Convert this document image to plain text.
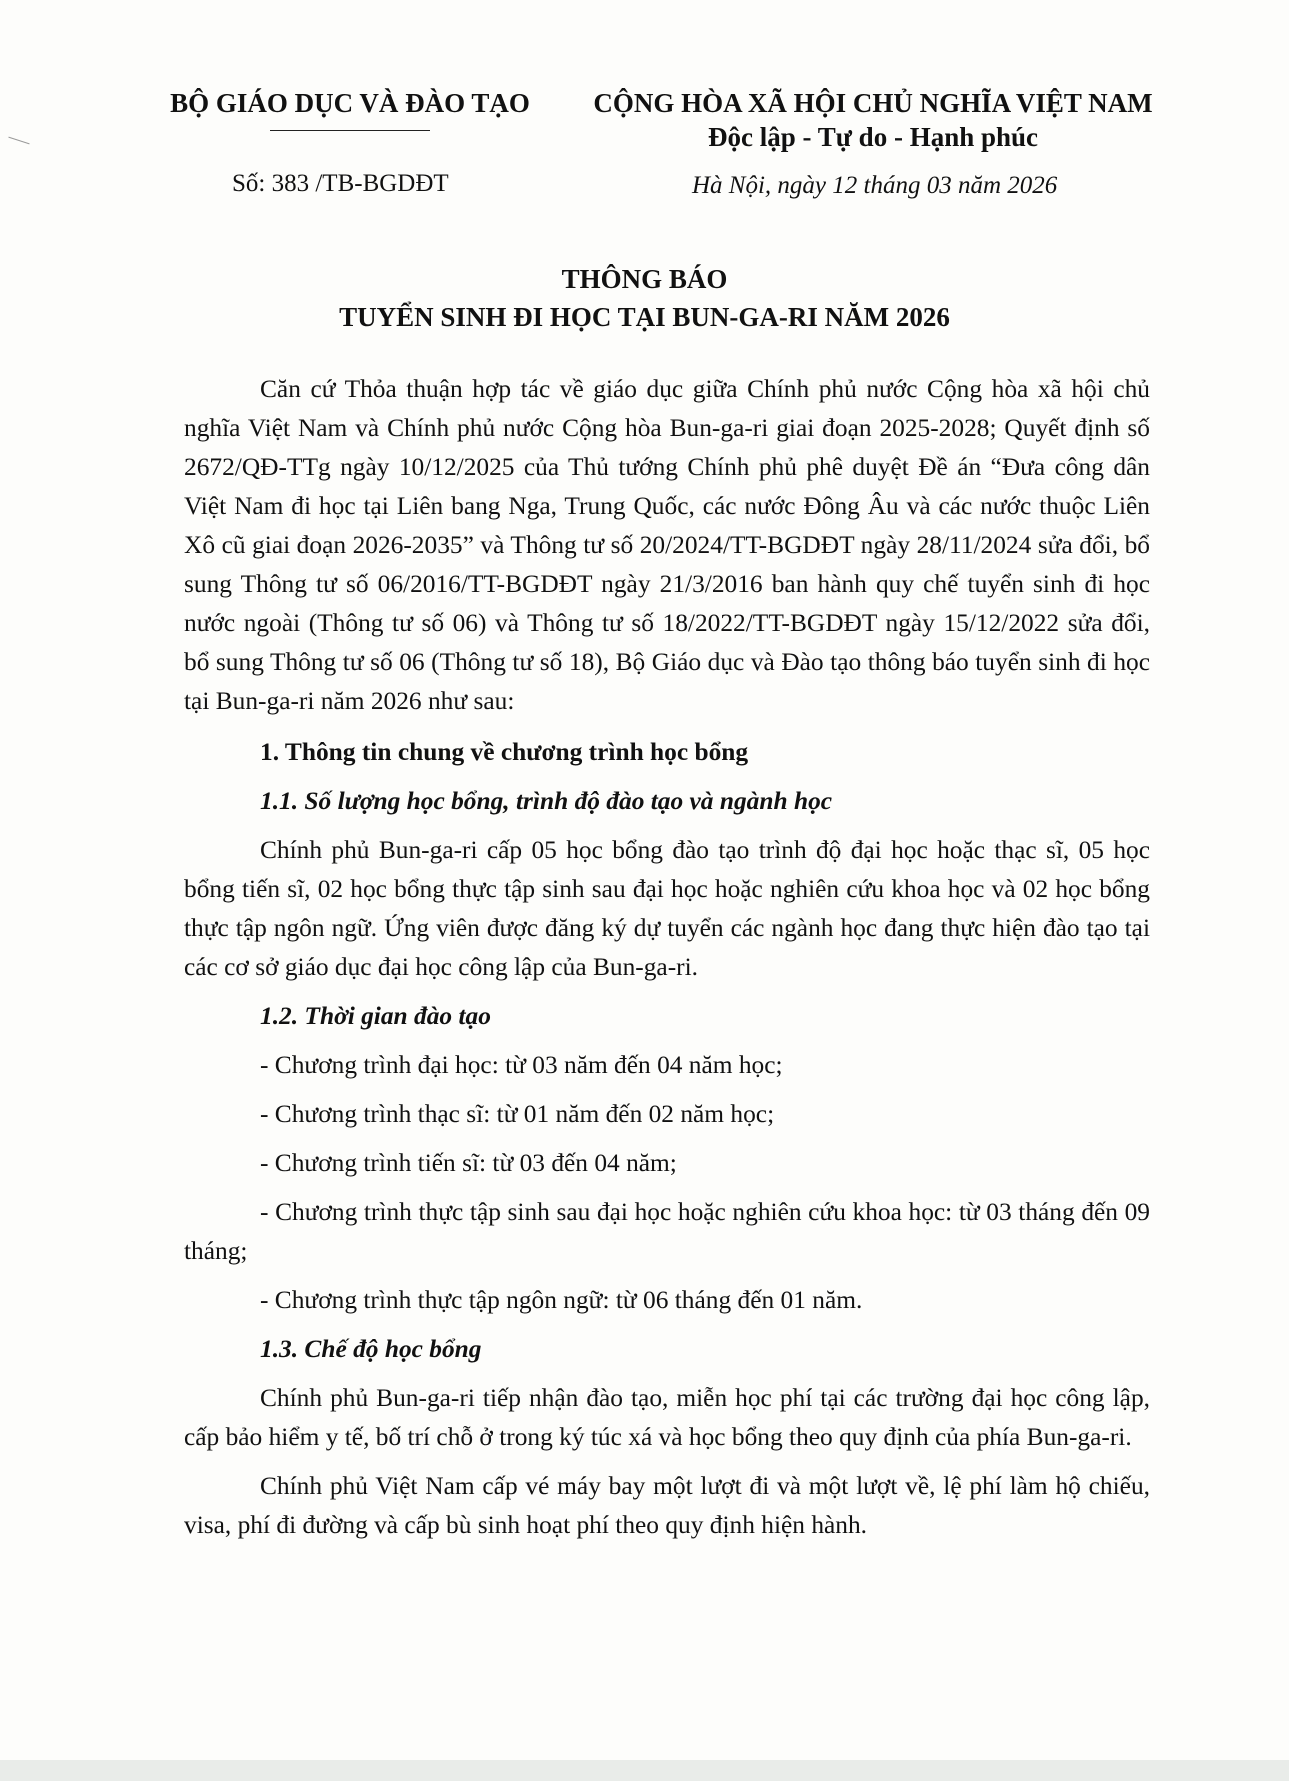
BỘ GIÁO DỤC VÀ ĐÀO TẠO	CỘNG HÒA XÃ HỘI CHỦ NGHĨA VIỆT NAM
Độc lập - Tự do - Hạnh phúc
Số: 383 /TB-BGDĐT	Hà Nội, ngày 12 tháng 03 năm 2026
THÔNG BÁO
TUYỂN SINH ĐI HỌC TẠI BUN-GA-RI NĂM 2026

Căn cứ Thỏa thuận hợp tác về giáo dục giữa Chính phủ nước Cộng hòa xã hội chủ nghĩa Việt Nam và Chính phủ nước Cộng hòa Bun-ga-ri giai đoạn 2025-2028; Quyết định số 2672/QĐ-TTg ngày 10/12/2025 của Thủ tướng Chính phủ phê duyệt Đề án “Đưa công dân Việt Nam đi học tại Liên bang Nga, Trung Quốc, các nước Đông Âu và các nước thuộc Liên Xô cũ giai đoạn 2026-2035” và Thông tư số 20/2024/TT-BGDĐT ngày 28/11/2024 sửa đổi, bổ sung Thông tư số 06/2016/TT-BGDĐT ngày 21/3/2016 ban hành quy chế tuyển sinh đi học nước ngoài (Thông tư số 06) và Thông tư số 18/2022/TT-BGDĐT ngày 15/12/2022 sửa đổi, bổ sung Thông tư số 06 (Thông tư số 18), Bộ Giáo dục và Đào tạo thông báo tuyển sinh đi học tại Bun-ga-ri năm 2026 như sau:

1. Thông tin chung về chương trình học bổng

1.1. Số lượng học bổng, trình độ đào tạo và ngành học

Chính phủ Bun-ga-ri cấp 05 học bổng đào tạo trình độ đại học hoặc thạc sĩ, 05 học bổng tiến sĩ, 02 học bổng thực tập sinh sau đại học hoặc nghiên cứu khoa học và 02 học bổng thực tập ngôn ngữ. Ứng viên được đăng ký dự tuyển các ngành học đang thực hiện đào tạo tại các cơ sở giáo dục đại học công lập của Bun-ga-ri.

1.2. Thời gian đào tạo

- Chương trình đại học: từ 03 năm đến 04 năm học;

- Chương trình thạc sĩ: từ 01 năm đến 02 năm học;

- Chương trình tiến sĩ: từ 03 đến 04 năm;

- Chương trình thực tập sinh sau đại học hoặc nghiên cứu khoa học: từ 03 tháng đến 09 tháng;

- Chương trình thực tập ngôn ngữ: từ 06 tháng đến 01 năm.

1.3. Chế độ học bổng

Chính phủ Bun-ga-ri tiếp nhận đào tạo, miễn học phí tại các trường đại học công lập, cấp bảo hiểm y tế, bố trí chỗ ở trong ký túc xá và học bổng theo quy định của phía Bun-ga-ri.

Chính phủ Việt Nam cấp vé máy bay một lượt đi và một lượt về, lệ phí làm hộ chiếu, visa, phí đi đường và cấp bù sinh hoạt phí theo quy định hiện hành.
